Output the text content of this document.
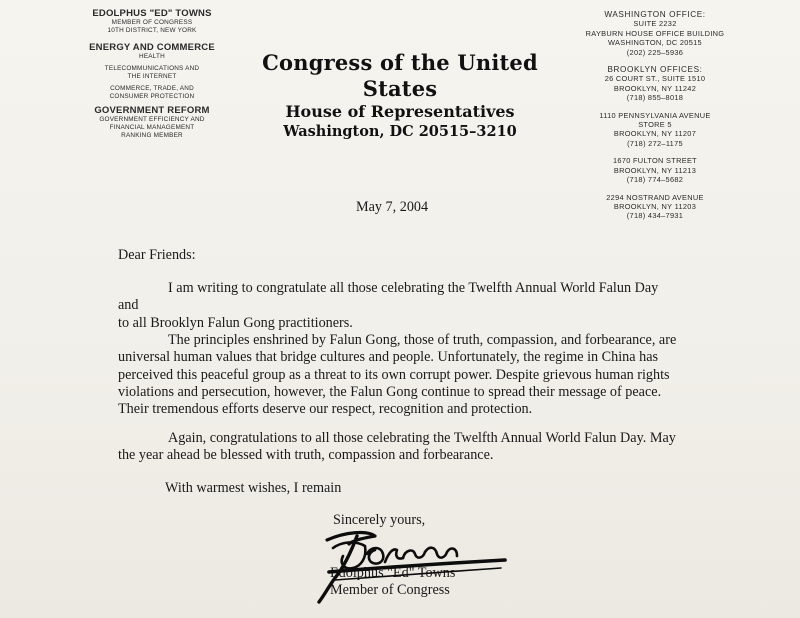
EDOLPHUS "ED" TOWNS
MEMBER OF CONGRESS
10TH DISTRICT, NEW YORK
ENERGY AND COMMERCE
HEALTH
TELECOMMUNICATIONS AND
THE INTERNET
COMMERCE, TRADE, AND
CONSUMER PROTECTION
GOVERNMENT REFORM
GOVERNMENT EFFICIENCY AND
FINANCIAL MANAGEMENT
RANKING MEMBER
Congress of the United States
House of Representatives
Washington, DC 20515–3210
WASHINGTON OFFICE:
SUITE 2232
RAYBURN HOUSE OFFICE BUILDING
WASHINGTON, DC 20515
(202) 225–5936
BROOKLYN OFFICES:
26 COURT ST., SUITE 1510
BROOKLYN, NY 11242
(718) 855–8018
1110 PENNSYLVANIA AVENUE
STORE 5
BROOKLYN, NY 11207
(718) 272–1175
1670 FULTON STREET
BROOKLYN, NY 11213
(718) 774–5682
2294 NOSTRAND AVENUE
BROOKLYN, NY 11203
(718) 434–7931
May 7, 2004
Dear Friends:
I am writing to congratulate all those celebrating the Twelfth Annual World Falun Day and
to all Brooklyn Falun Gong practitioners.
The principles enshrined by Falun Gong, those of truth, compassion, and forbearance, are
universal human values that bridge cultures and people. Unfortunately, the regime in China has
perceived this peaceful group as a threat to its own corrupt power. Despite grievous human rights
violations and persecution, however, the Falun Gong continue to spread their message of peace.
Their tremendous efforts deserve our respect, recognition and protection.
Again, congratulations to all those celebrating the Twelfth Annual World Falun Day. May
the year ahead be blessed with truth, compassion and forbearance.
With warmest wishes, I remain
Sincerely yours,
Edolphus "Ed" Towns
Member of Congress
